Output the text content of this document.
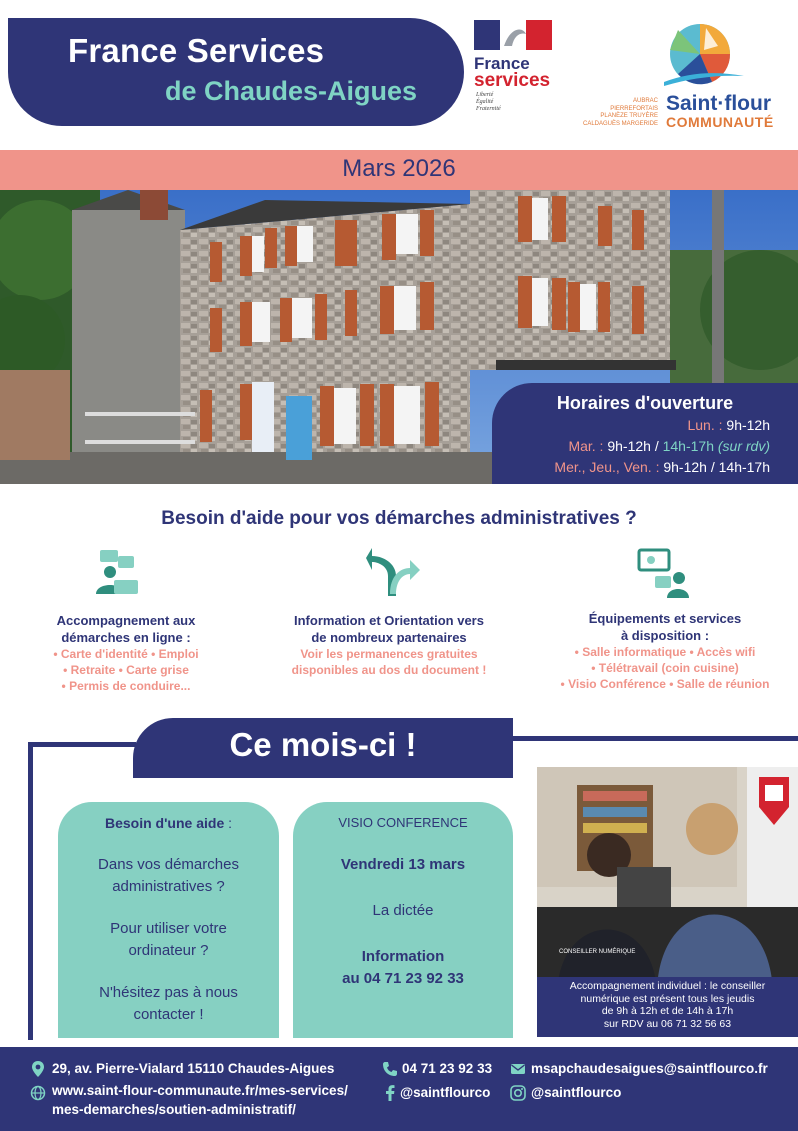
France Services
de Chaudes-Aigues
France
services
Liberté
Égalité
Fraternité
AUBRAC
PIERREFORTAIS
PLANÈZE TRUYÈRE
CALDAGUÈS MARGERIDE
Saint·flour
COMMUNAUTÉ
Mars 2026
Horaires d'ouverture
Lun. : 9h-12h
Mar. : 9h-12h / 14h-17h (sur rdv)
Mer., Jeu., Ven. : 9h-12h / 14h-17h
Besoin d'aide pour vos démarches administratives ?
Accompagnement aux
démarches en ligne :
• Carte d'identité • Emploi
• Retraite • Carte grise
• Permis de conduire...
Information et Orientation vers
de nombreux partenaires
Voir les permanences gratuites
disponibles au dos du document !
Équipements et services
à disposition :
• Salle informatique • Accès wifi
• Télétravail (coin cuisine)
• Visio Conférence • Salle de réunion
Ce mois-ci !
Besoin d'une aide :
Dans vos démarches
administratives ?
Pour utiliser votre
ordinateur ?
N'hésitez pas à nous
contacter !
VISIO CONFERENCE
Vendredi 13 mars
La dictée
Information
au 04 71 23 92 33
CONSEILLER NUMÉRIQUE
Accompagnement individuel : le conseiller
numérique est présent tous les jeudis
de 9h à 12h et de 14h à 17h
sur RDV au 06 71 32 56 63
29, av. Pierre-Vialard 15110 Chaudes-Aigues
www.saint-flour-communaute.fr/mes-services/
mes-demarches/soutien-administratif/
04 71 23 92 33
@saintflourco
msapchaudesaigues@saintflourco.fr
@saintflourco
